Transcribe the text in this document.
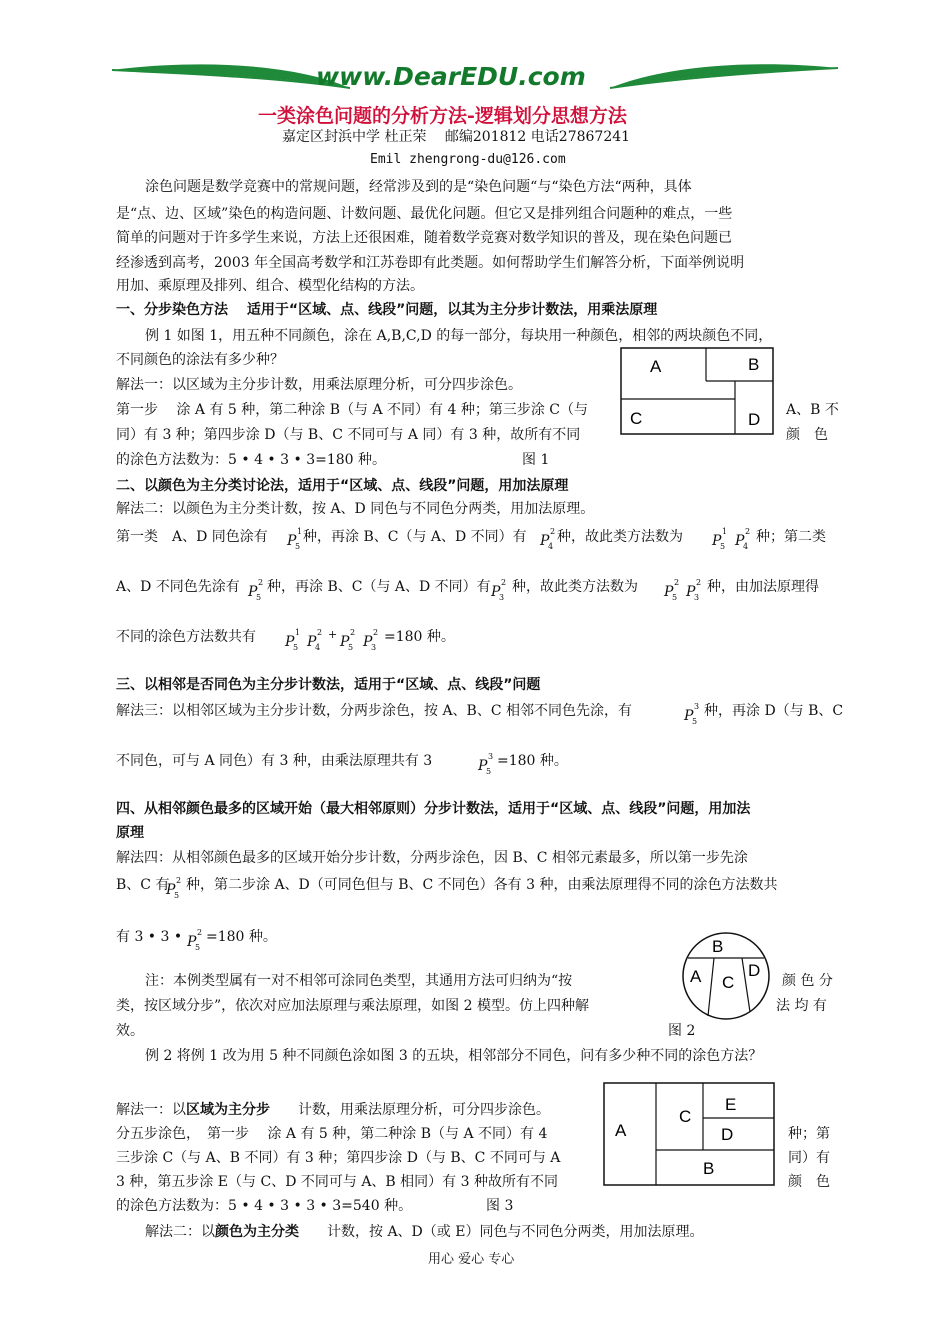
www.DearEDU.com
一类涂色问题的分析方法-逻辑划分思想方法
嘉定区封浜中学 杜正荣　 邮编201812 电话27867241
Emil zhengrong-du@126.com
涂色问题是数学竞赛中的常规问题，经常涉及到的是“染色问题“与“染色方法“两种，具体
是“点、边、区域”染色的构造问题、计数问题、最优化问题。但它又是排列组合问题种的难点，一些
简单的问题对于许多学生来说，方法上还很困难，随着数学竞赛对数学知识的普及，现在染色问题已
经渗透到高考，2003 年全国高考数学和江苏卷即有此类题。如何帮助学生们解答分析，下面举例说明
用加、乘原理及排列、组合、模型化结构的方法。
一、分步染色方法　 适用于“区域、点、线段”问题，以其为主分步计数法，用乘法原理
例 1 如图 1，用五种不同颜色，涂在 A,B,C,D 的每一部分，每块用一种颜色，相邻的两块颜色不同，
不同颜色的涂法有多少种？
解法一：以区域为主分步计数，用乘法原理分析，可分四步涂色。
第一步　 涂 A 有 5 种，第二种涂 B（与 A 不同）有 4 种；第三步涂 C（与
同）有 3 种；第四步涂 D（与 B、C 不同可与 A 同）有 3 种，故所有不同
的涂色方法数为：5 • 4 • 3 • 3=180 种。
A、B 不
颜　色
图 1
A	B
C	D
二、以颜色为主分类讨论法，适用于“区域、点、线段”问题，用加法原理
解法二：以颜色为主分类计数，按 A、D 同色与不同色分两类，用加法原理。
第一类　A、D 同色涂有 P
1
5
种，再涂 B、C（与 A、D 不同）有 P
2
4
种，故此类方法数为 P
1
5 P
2
4
种；第二类
A、D 不同色先涂有 P
2
5
种，再涂 B、C（与 A、D 不同）有 P
2
3
种，故此类方法数为 P
2
5 P
2
3
种，由加法原理得
不同的涂色方法数共有 P
1
5 P
2
4
+ P
2
5 P
2
3
=180 种。
三、以相邻是否同色为主分步计数法，适用于“区域、点、线段”问题
解法三：以相邻区域为主分步计数，分两步涂色，按 A、B、C 相邻不同色先涂，有	P
3
5
种，再涂 D（与 B、C
不同色，可与 A 同色）有 3 种，由乘法原理共有 3	P
3
5
=180 种。
四、从相邻颜色最多的区域开始（最大相邻原则）分步计数法，适用于“区域、点、线段”问题，用加法
原理
解法四：从相邻颜色最多的区域开始分步计数，分两步涂色，因 B、C 相邻元素最多，所以第一步先涂
B、C 有
P
2
5
种，第二步涂 A、D（可同色但与 B、C 不同色）各有 3 种，由乘法原理得不同的涂色方法数共
有 3 • 3 • P
2
5
=180 种。
注：本例类型属有一对不相邻可涂同色类型，其通用方法可归纳为“按	颜 色 分
类，按区域分步”，依次对应加法原理与乘法原理，如图 2 模型。仿上四种解	法 均 有
效。	图 2
B
A C
D
例 2 将例 1 改为用 5 种不同颜色涂如图 3 的五块，相邻部分不同色，问有多少种不同的涂色方法？
解法一：以 区域为主分步 计数，用乘法原理分析，可分四步涂色。
分五步涂色，　第一步　 涂 A 有 5 种，第二种涂 B（与 A 不同）有 4	种；第
三步涂 C（与 A、B 不同）有 3 种；第四步涂 D（与 B、C 不同可与 A	同）有
3 种，第五步涂 E（与 C、D 不同可与 A、B 相同）有 3 种故所有不同	颜　色
的涂色方法数为：5 • 4 • 3 • 3 • 3=540 种。	图 3
A
C
E
D
B
解法二：以 颜色为主分类 计数，按 A、D（或 E）同色与不同色分两类，用加法原理。
用心 爱心 专心
